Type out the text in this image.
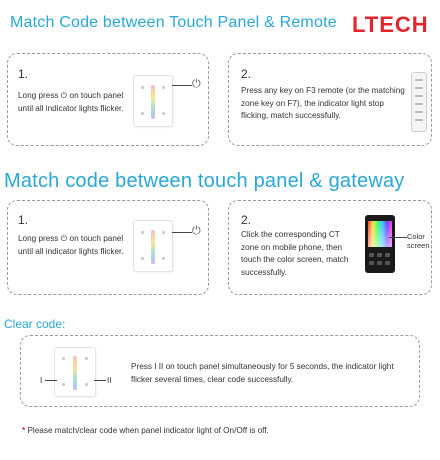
Match Code between Touch Panel & Remote LTECH
1.
Long press ⏻ on touch panel until all indicator lights flicker.
⏻
2.
Press any key on F3 remote (or the matching zone key on F7), the indicator light stop flicking, match successfully.
Match code between touch panel & gateway
1.
Long press ⏻ on touch panel until all indicator lights flicker.
⏻
2.
Click the corresponding CT zone on mobile phone, then touch the color screen, match successfully.
Color screen
Clear code:
I	II
Press I II on touch panel simultaneously for 5 seconds, the indicator light flicker several times, clear code successfully.
* Please match/clear code when panel indicator light of On/Off is off.
